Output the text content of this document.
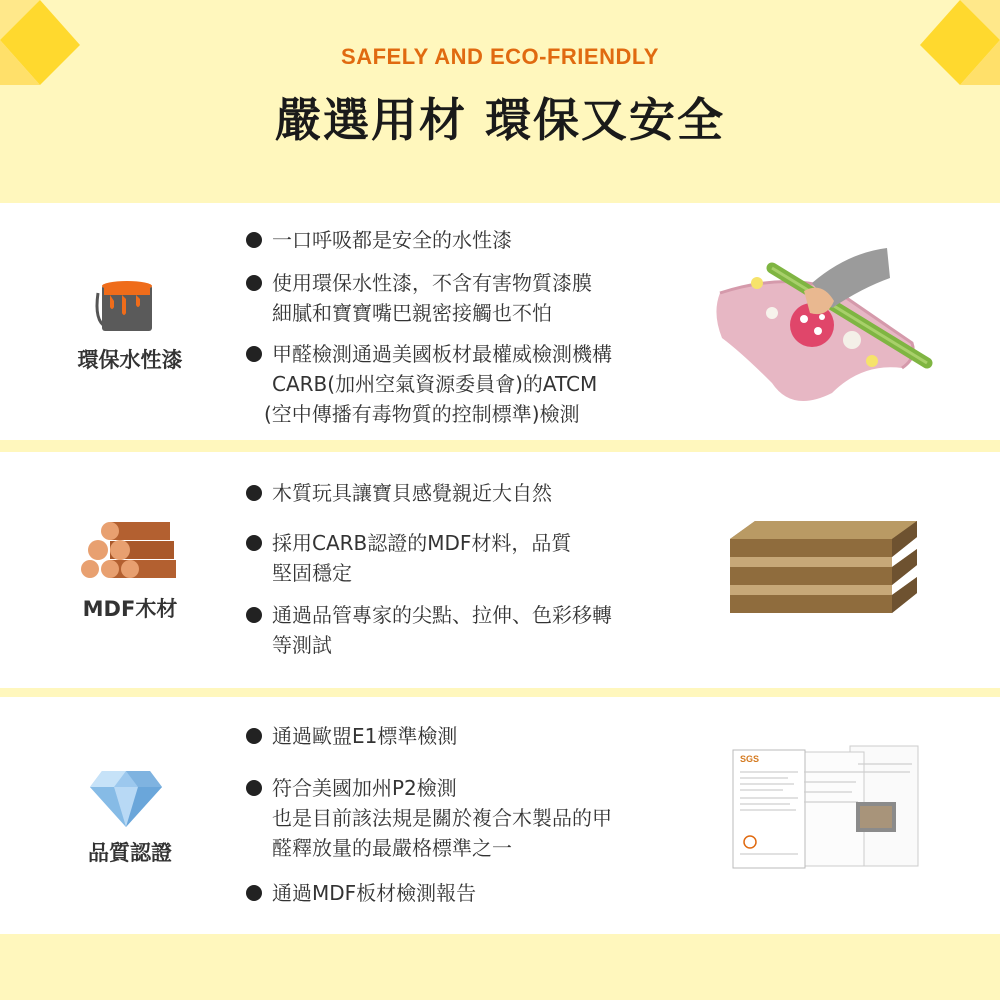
SAFELY AND ECO-FRIENDLY
嚴選用材 環保又安全
環保水性漆
一口呼吸都是安全的水性漆
使用環保水性漆，不含有害物質漆膜
細膩和寶寶嘴巴親密接觸也不怕
甲醛檢測通過美國板材最權威檢測機構
CARB(加州空氣資源委員會)的ATCM
(空中傳播有毒物質的控制標準)檢測
MDF木材
木質玩具讓寶貝感覺親近大自然
採用CARB認證的MDF材料，品質
堅固穩定
通過品管專家的尖點、拉伸、色彩移轉
等測試
品質認證
通過歐盟E1標準檢測
符合美國加州P2檢測
也是目前該法規是關於複合木製品的甲
醛釋放量的最嚴格標準之一
通過MDF板材檢測報告
SGS
